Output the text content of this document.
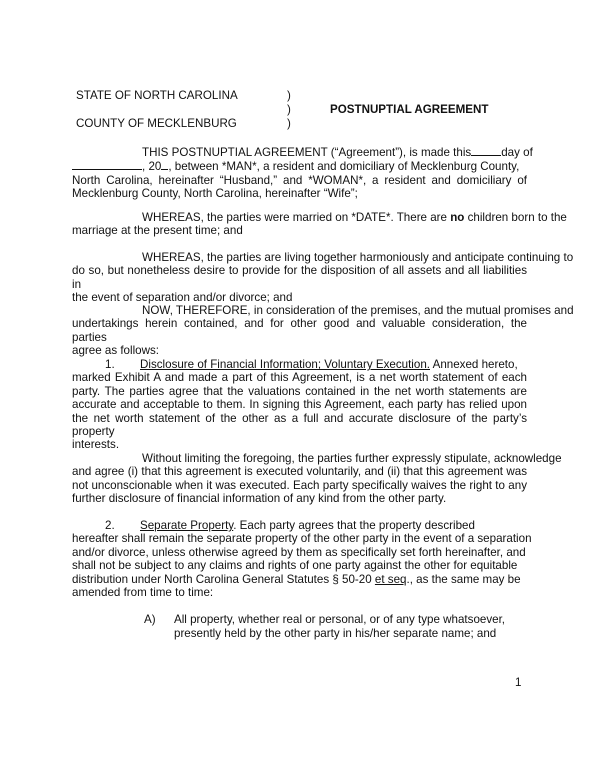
STATE OF NORTH CAROLINA
COUNTY OF MECKLENBURG
)
)
)
POSTNUPTIAL AGREEMENT
THIS POSTNUPTIAL AGREEMENT (“Agreement”), is made this	day of
, 20 , between *MAN*, a resident and domiciliary of Mecklenburg County,
North Carolina, hereinafter “Husband,” and *WOMAN*, a resident and domiciliary of
Mecklenburg County, North Carolina, hereinafter “Wife”;
WHEREAS, the parties were married on *DATE*. There are no children born to the
marriage at the present time; and
WHEREAS, the parties are living together harmoniously and anticipate continuing to
do so, but nonetheless desire to provide for the disposition of all assets and all liabilities in
the event of separation and/or divorce; and
NOW, THEREFORE, in consideration of the premises, and the mutual promises and
undertakings herein contained, and for other good and valuable consideration, the parties
agree as follows:
1. Disclosure of Financial Information; Voluntary Execution. Annexed hereto,
marked Exhibit A and made a part of this Agreement, is a net worth statement of each
party. The parties agree that the valuations contained in the net worth statements are
accurate and acceptable to them. In signing this Agreement, each party has relied upon
the net worth statement of the other as a full and accurate disclosure of the party’s property
interests.
Without limiting the foregoing, the parties further expressly stipulate, acknowledge
and agree (i) that this agreement is executed voluntarily, and (ii) that this agreement was
not unconscionable when it was executed. Each party specifically waives the right to any
further disclosure of financial information of any kind from the other party.
2. Separate Property. Each party agrees that the property described
hereafter shall remain the separate property of the other party in the event of a separation
and/or divorce, unless otherwise agreed by them as specifically set forth hereinafter, and
shall not be subject to any claims and rights of one party against the other for equitable
distribution under North Carolina General Statutes § 50-20 et seq., as the same may be
amended from time to time:
A) All property, whether real or personal, or of any type whatsoever,
presently held by the other party in his/her separate name; and
1
